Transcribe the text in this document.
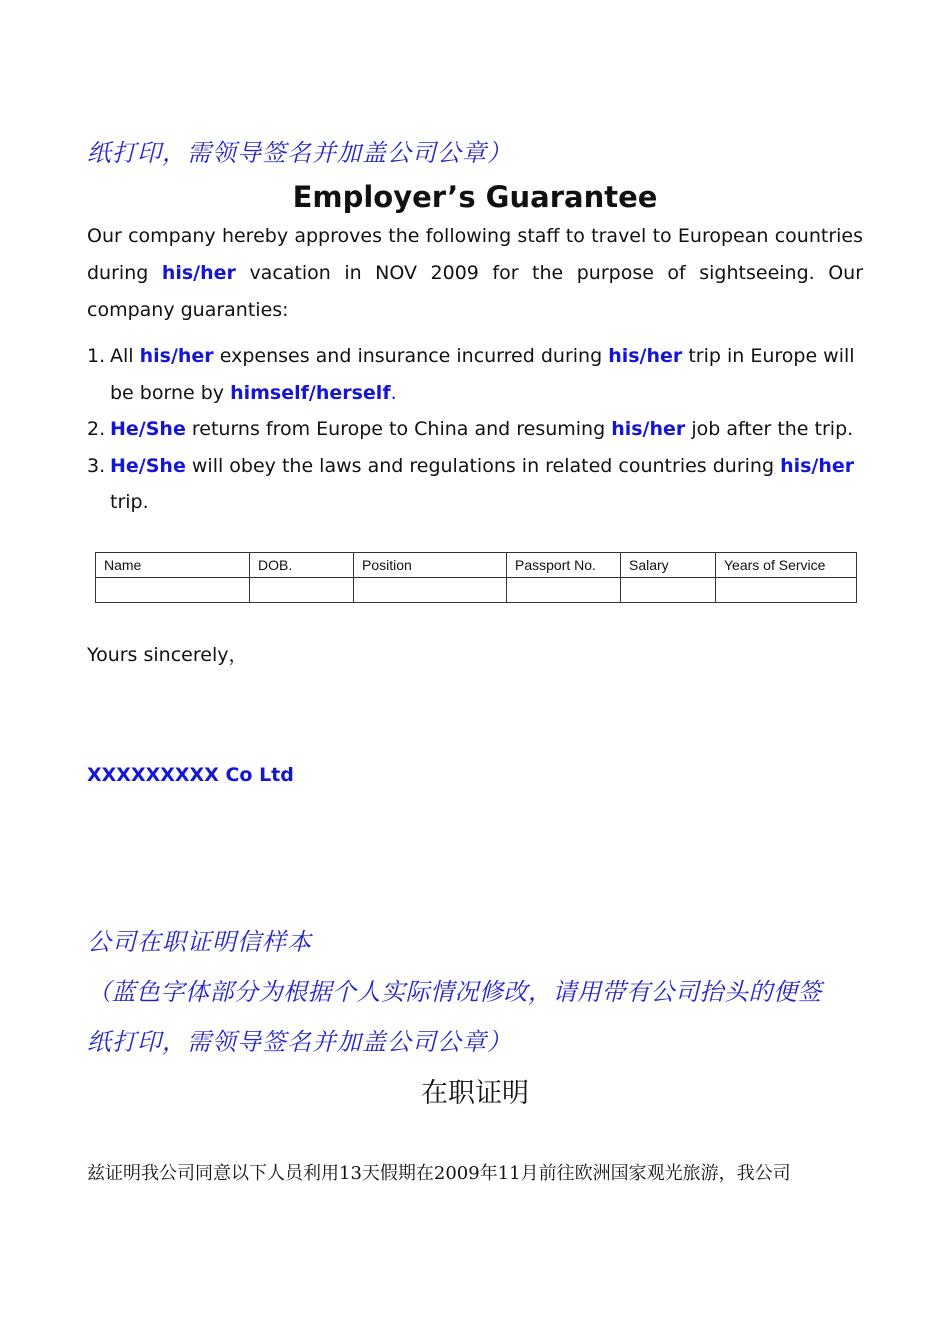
纸打印，需领导签名并加盖公司公章）
Employer’s Guarantee
Our company hereby approves the following staff to travel to European countries during his/her vacation in NOV 2009 for the purpose of sightseeing. Our company guaranties:
1. All his/her expenses and insurance incurred during his/her trip in Europe will be borne by himself/herself.
2. He/She returns from Europe to China and resuming his/her job after the trip.
3. He/She will obey the laws and regulations in related countries during his/her trip.
Name	DOB.	Position	Passport No.	Salary	Years of Service

Yours sincerely，
XXXXXXXXX Co Ltd
公司在职证明信样本
（蓝色字体部分为根据个人实际情况修改，请用带有公司抬头的便签
纸打印，需领导签名并加盖公司公章）
在职证明
兹证明我公司同意以下人员利用13天假期在2009年11月前往欧洲国家观光旅游，我公司
